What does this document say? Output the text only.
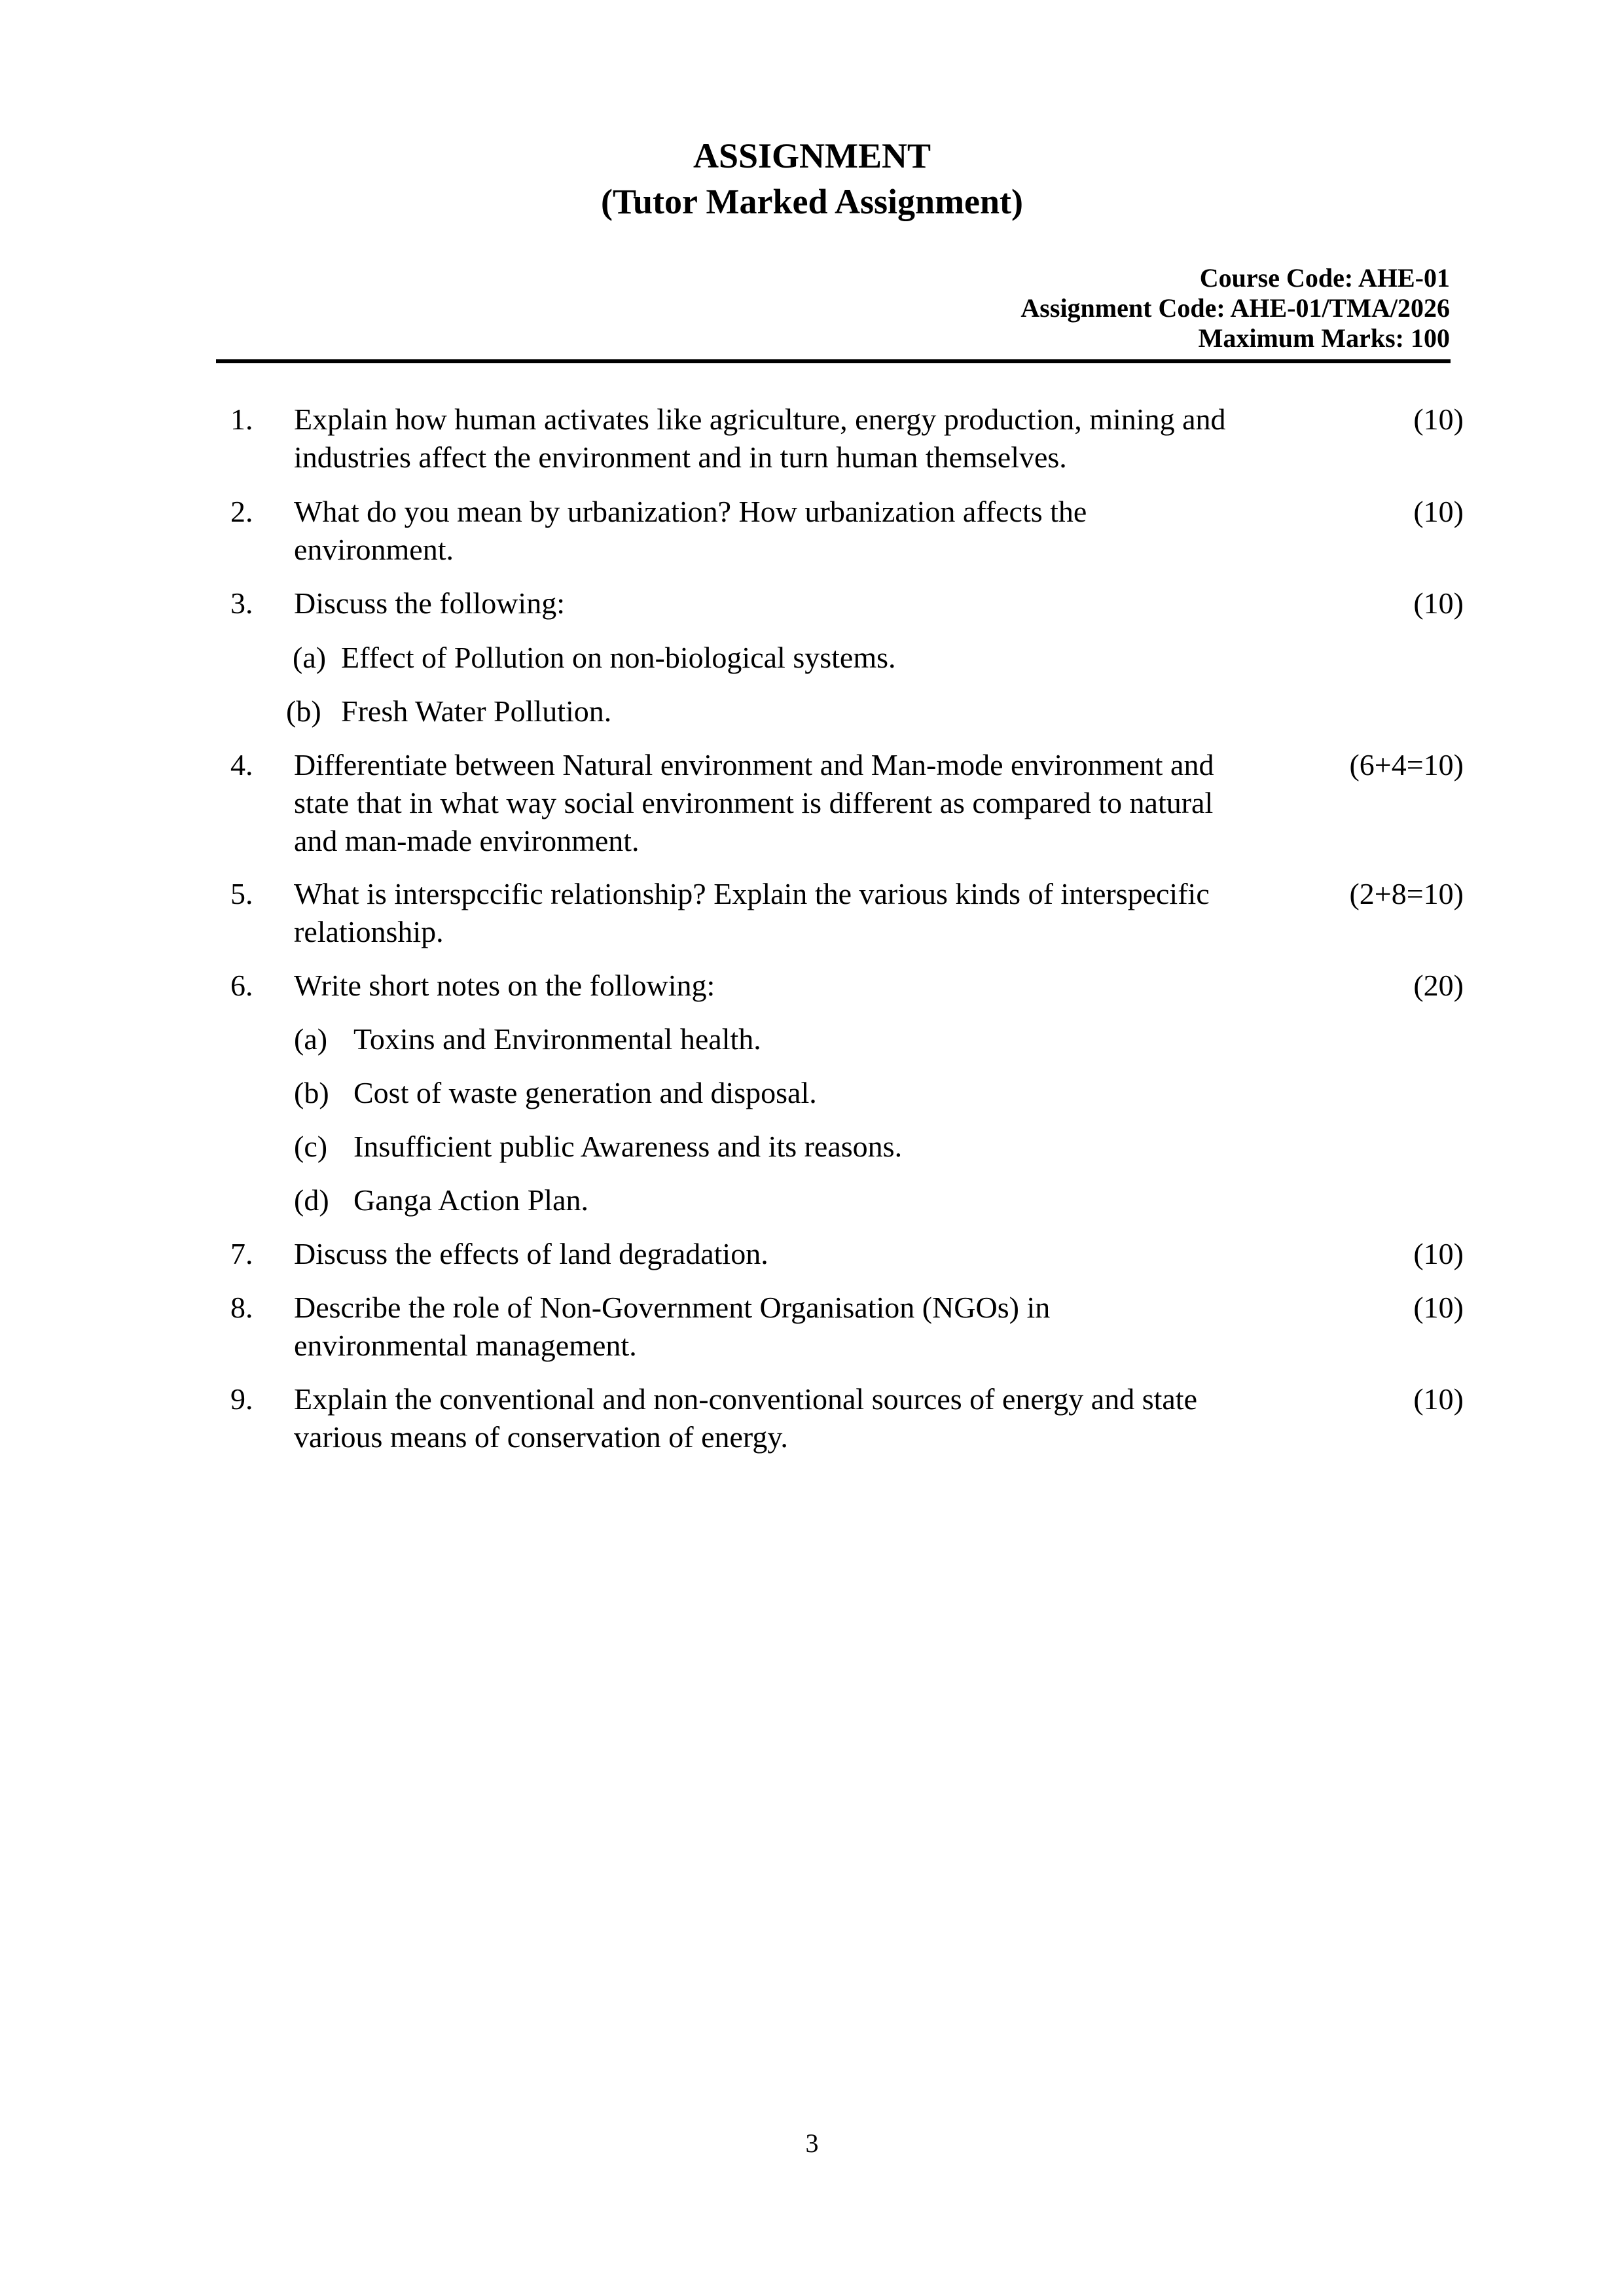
ASSIGNMENT
(Tutor Marked Assignment)
Course Code: AHE-01
Assignment Code: AHE-01/TMA/2026
Maximum Marks: 100
1. Explain how human activates like agriculture, energy production, mining and
industries affect the environment and in turn human themselves.
(10)
2. What do you mean by urbanization? How urbanization affects the
environment.
(10)
3. Discuss the following:	(10)
(a) Effect of Pollution on non-biological systems.
(b) Fresh Water Pollution.
4. Differentiate between Natural environment and Man-mode environment and
state that in what way social environment is different as compared to natural
and man-made environment.
(6+4=10)
5. What is interspccific relationship? Explain the various kinds of interspecific
relationship.
(2+8=10)
6. Write short notes on the following:	(20)
(a) Toxins and Environmental health.
(b) Cost of waste generation and disposal.
(c) Insufficient public Awareness and its reasons.
(d) Ganga Action Plan.
7. Discuss the effects of land degradation.	(10)
8. Describe the role of Non-Government Organisation (NGOs) in
environmental management.
(10)
9. Explain the conventional and non-conventional sources of energy and state
various means of conservation of energy.
(10)
3
